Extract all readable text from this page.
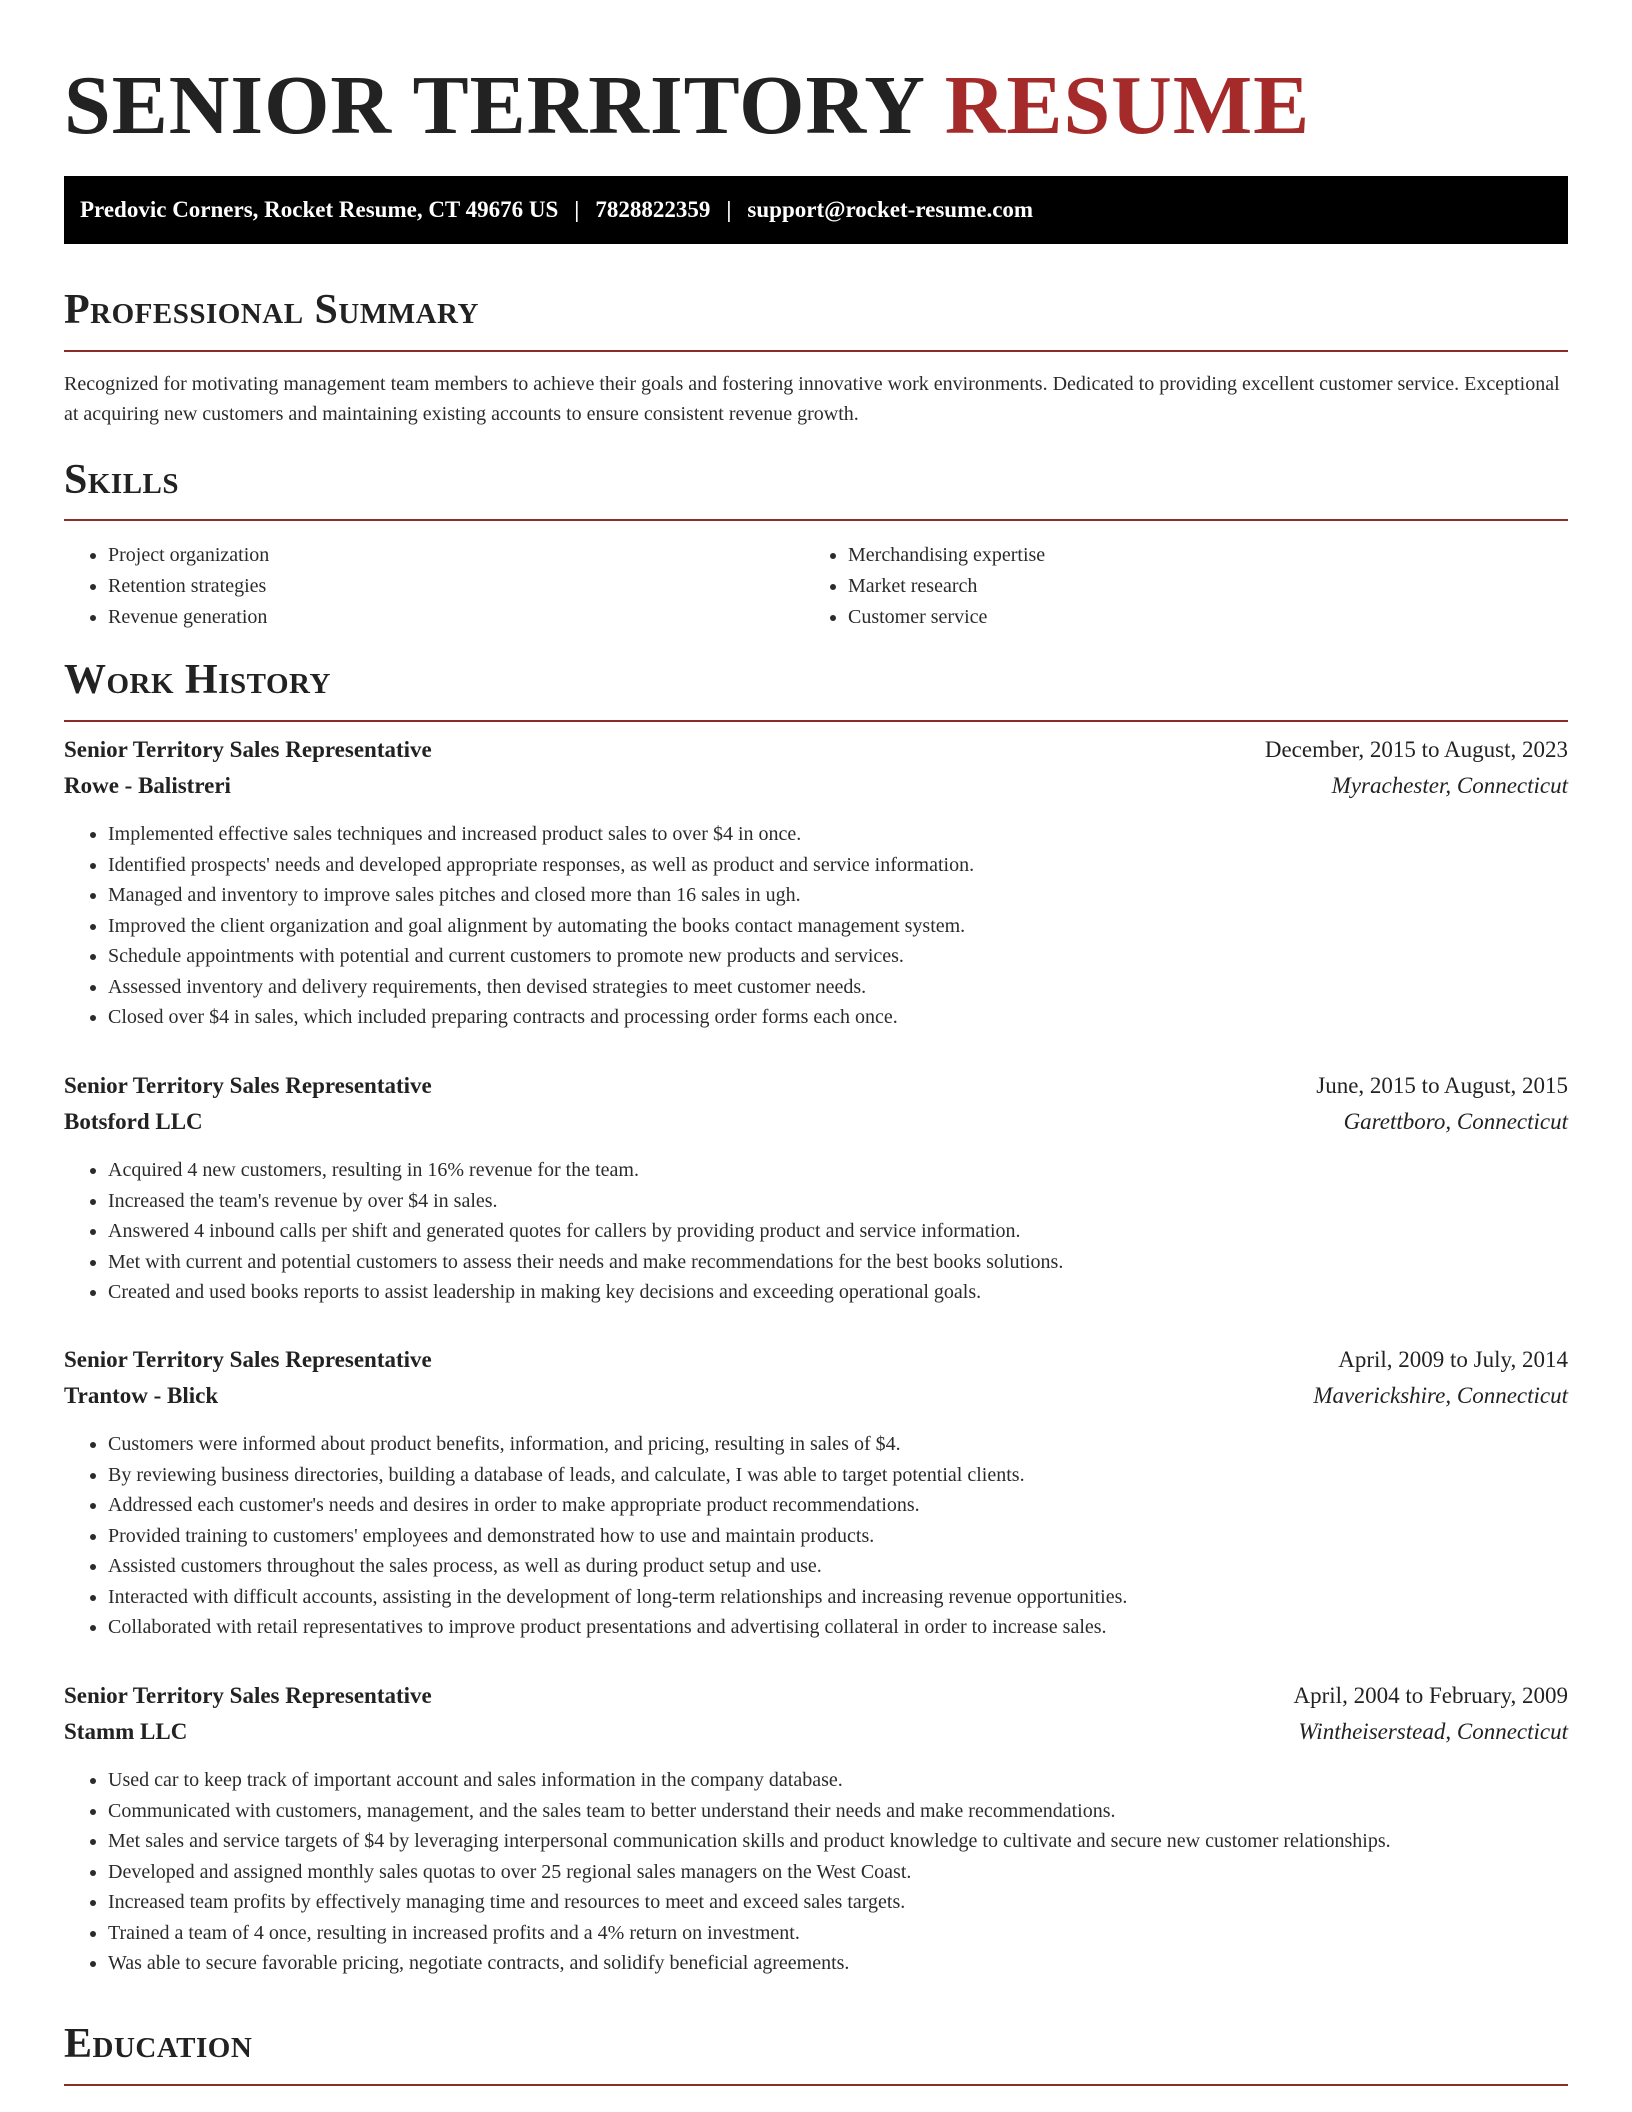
SENIOR TERRITORY RESUME
Predovic Corners, Rocket Resume, CT 49676 US | 7828822359 | support@rocket-resume.com
Professional Summary

Recognized for motivating management team members to achieve their goals and fostering innovative work environments. Dedicated to providing excellent customer service. Exceptional at acquiring new customers and maintaining existing accounts to ensure consistent revenue growth.

Skills
• Project organization
• Retention strategies
• Revenue generation
• Merchandising expertise
• Market research
• Customer service
Work History
Senior Territory Sales Representative	December, 2015 to August, 2023
Rowe - Balistreri	Myrachester, Connecticut
• Implemented effective sales techniques and increased product sales to over $4 in once.
• Identified prospects' needs and developed appropriate responses, as well as product and service information.
• Managed and inventory to improve sales pitches and closed more than 16 sales in ugh.
• Improved the client organization and goal alignment by automating the books contact management system.
• Schedule appointments with potential and current customers to promote new products and services.
• Assessed inventory and delivery requirements, then devised strategies to meet customer needs.
• Closed over $4 in sales, which included preparing contracts and processing order forms each once.
Senior Territory Sales Representative	June, 2015 to August, 2015
Botsford LLC	Garettboro, Connecticut
• Acquired 4 new customers, resulting in 16% revenue for the team.
• Increased the team's revenue by over $4 in sales.
• Answered 4 inbound calls per shift and generated quotes for callers by providing product and service information.
• Met with current and potential customers to assess their needs and make recommendations for the best books solutions.
• Created and used books reports to assist leadership in making key decisions and exceeding operational goals.
Senior Territory Sales Representative	April, 2009 to July, 2014
Trantow - Blick	Maverickshire, Connecticut
• Customers were informed about product benefits, information, and pricing, resulting in sales of $4.
• By reviewing business directories, building a database of leads, and calculate, I was able to target potential clients.
• Addressed each customer's needs and desires in order to make appropriate product recommendations.
• Provided training to customers' employees and demonstrated how to use and maintain products.
• Assisted customers throughout the sales process, as well as during product setup and use.
• Interacted with difficult accounts, assisting in the development of long-term relationships and increasing revenue opportunities.
• Collaborated with retail representatives to improve product presentations and advertising collateral in order to increase sales.
Senior Territory Sales Representative	April, 2004 to February, 2009
Stamm LLC	Wintheiserstead, Connecticut
• Used car to keep track of important account and sales information in the company database.
• Communicated with customers, management, and the sales team to better understand their needs and make recommendations.
• Met sales and service targets of $4 by leveraging interpersonal communication skills and product knowledge to cultivate and secure new customer relationships.
• Developed and assigned monthly sales quotas to over 25 regional sales managers on the West Coast.
• Increased team profits by effectively managing time and resources to meet and exceed sales targets.
• Trained a team of 4 once, resulting in increased profits and a 4% return on investment.
• Was able to secure favorable pricing, negotiate contracts, and solidify beneficial agreements.
Education
